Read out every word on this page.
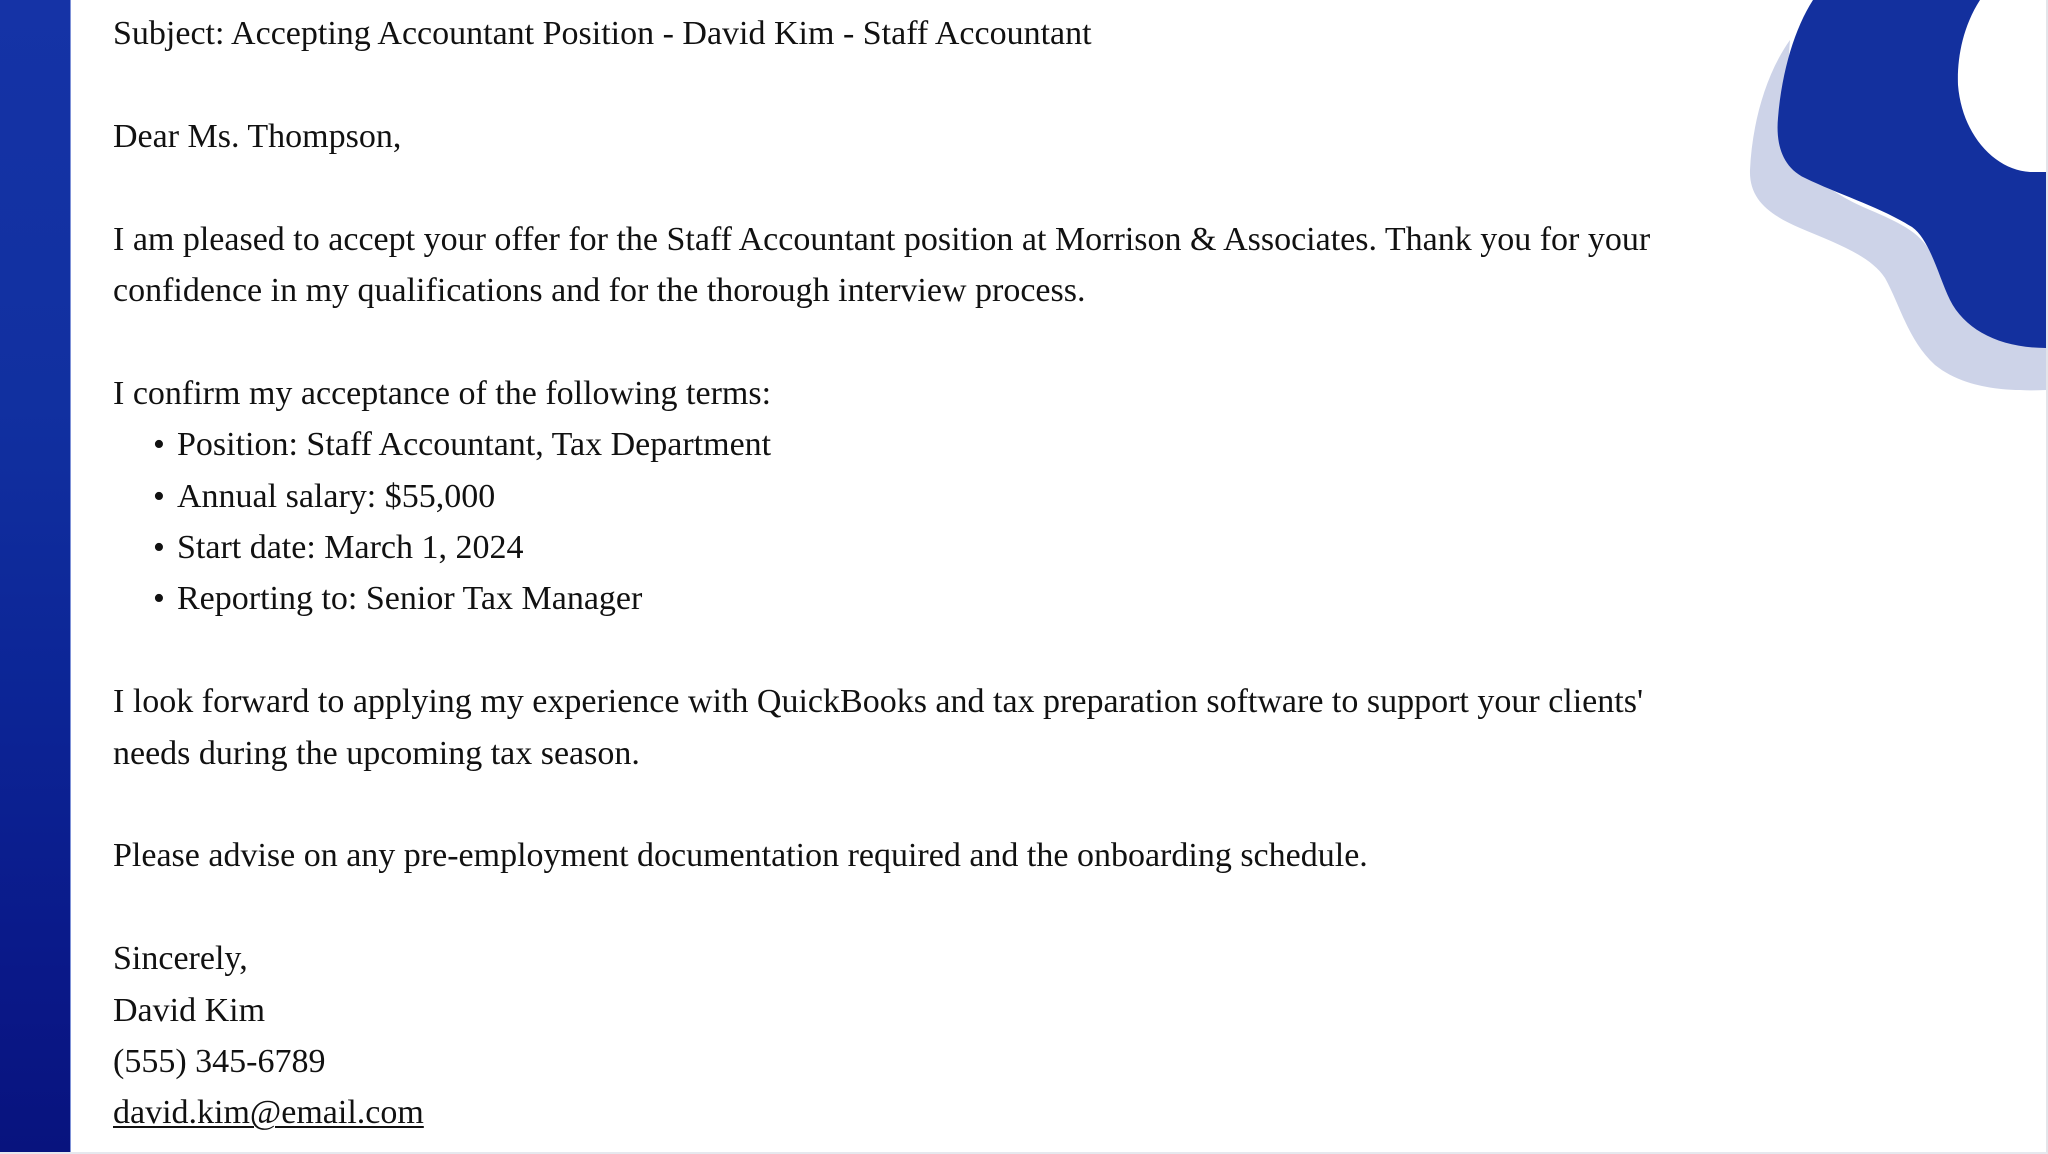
Subject: Accepting Accountant Position - David Kim - Staff Accountant

Dear Ms. Thompson,

I am pleased to accept your offer for the Staff Accountant position at Morrison & Associates. Thank you for your

confidence in my qualifications and for the thorough interview process.

I confirm my acceptance of the following terms:

• Position: Staff Accountant, Tax Department
• Annual salary: $55,000
• Start date: March 1, 2024
• Reporting to: Senior Tax Manager

I look forward to applying my experience with QuickBooks and tax preparation software to support your clients'

needs during the upcoming tax season.

Please advise on any pre-employment documentation required and the onboarding schedule.

Sincerely,

David Kim

(555) 345-6789

david.kim@email.com
